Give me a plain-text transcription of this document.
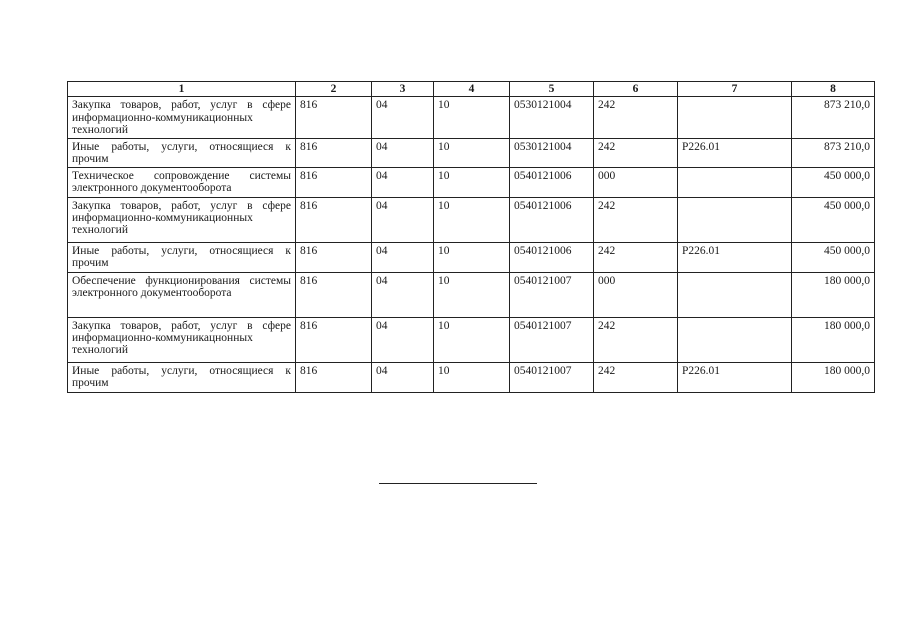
1	2	3	4	5	6	7	8
Закупка товаров, работ, услуг в сфере информационно-коммуникационных технологий	816	04	10	0530121004	242		873 210,0
Иные работы, услуги, относящиеся к прочим	816	04	10	0530121004	242	P226.01	873 210,0
Техническое сопровождение системы электронного документооборота	816	04	10	0540121006	000		450 000,0
Закупка товаров, работ, услуг в сфере информационно-коммуникационных технологий	816	04	10	0540121006	242		450 000,0
Иные работы, услуги, относящиеся к прочим	816	04	10	0540121006	242	P226.01	450 000,0
Обеспечение функционирования системы электронного документооборота	816	04	10	0540121007	000		180 000,0
Закупка товаров, работ, услуг в сфере информационно-коммуникацнонных технологий	816	04	10	0540121007	242		180 000,0
Иные работы, услуги, относящиеся к прочим	816	04	10	0540121007	242	P226.01	180 000,0
